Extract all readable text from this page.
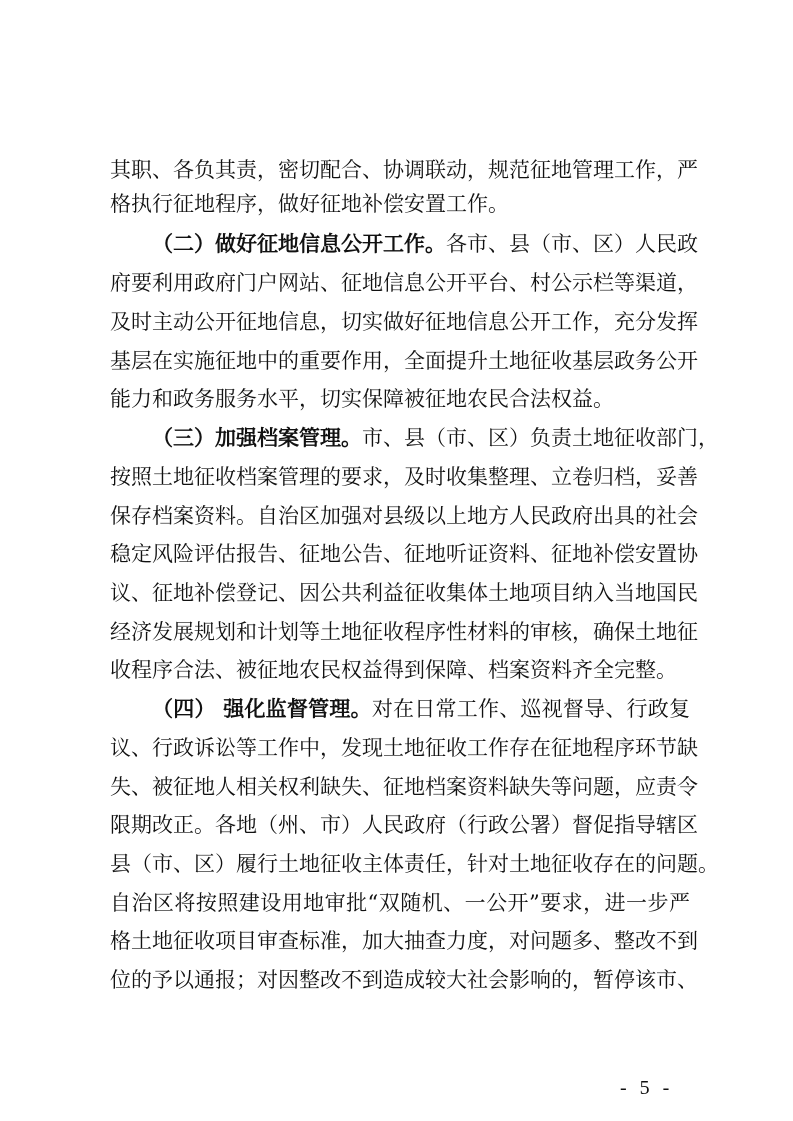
其职、各负其责，密切配合、协调联动，规范征地管理工作，严
格执行征地程序，做好征地补偿安置工作。
（二）做好征地信息公开工作。各市、县（市、区）人民政
府要利用政府门户网站、征地信息公开平台、村公示栏等渠道，
及时主动公开征地信息，切实做好征地信息公开工作，充分发挥
基层在实施征地中的重要作用，全面提升土地征收基层政务公开
能力和政务服务水平，切实保障被征地农民合法权益。
（三）加强档案管理。市、县（市、区）负责土地征收部门，
按照土地征收档案管理的要求，及时收集整理、立卷归档，妥善
保存档案资料。自治区加强对县级以上地方人民政府出具的社会
稳定风险评估报告、征地公告、征地听证资料、征地补偿安置协
议、征地补偿登记、因公共利益征收集体土地项目纳入当地国民
经济发展规划和计划等土地征收程序性材料的审核，确保土地征
收程序合法、被征地农民权益得到保障、档案资料齐全完整。
（四） 强化监督管理。对在日常工作、巡视督导、行政复
议、行政诉讼等工作中，发现土地征收工作存在征地程序环节缺
失、被征地人相关权利缺失、征地档案资料缺失等问题，应责令
限期改正。各地（州、市）人民政府（行政公署）督促指导辖区
县（市、区）履行土地征收主体责任，针对土地征收存在的问题。
自治区将按照建设用地审批“双随机、一公开”要求，进一步严
格土地征收项目审查标准，加大抽查力度，对问题多、整改不到
位的予以通报；对因整改不到造成较大社会影响的，暂停该市、
- 5 -
